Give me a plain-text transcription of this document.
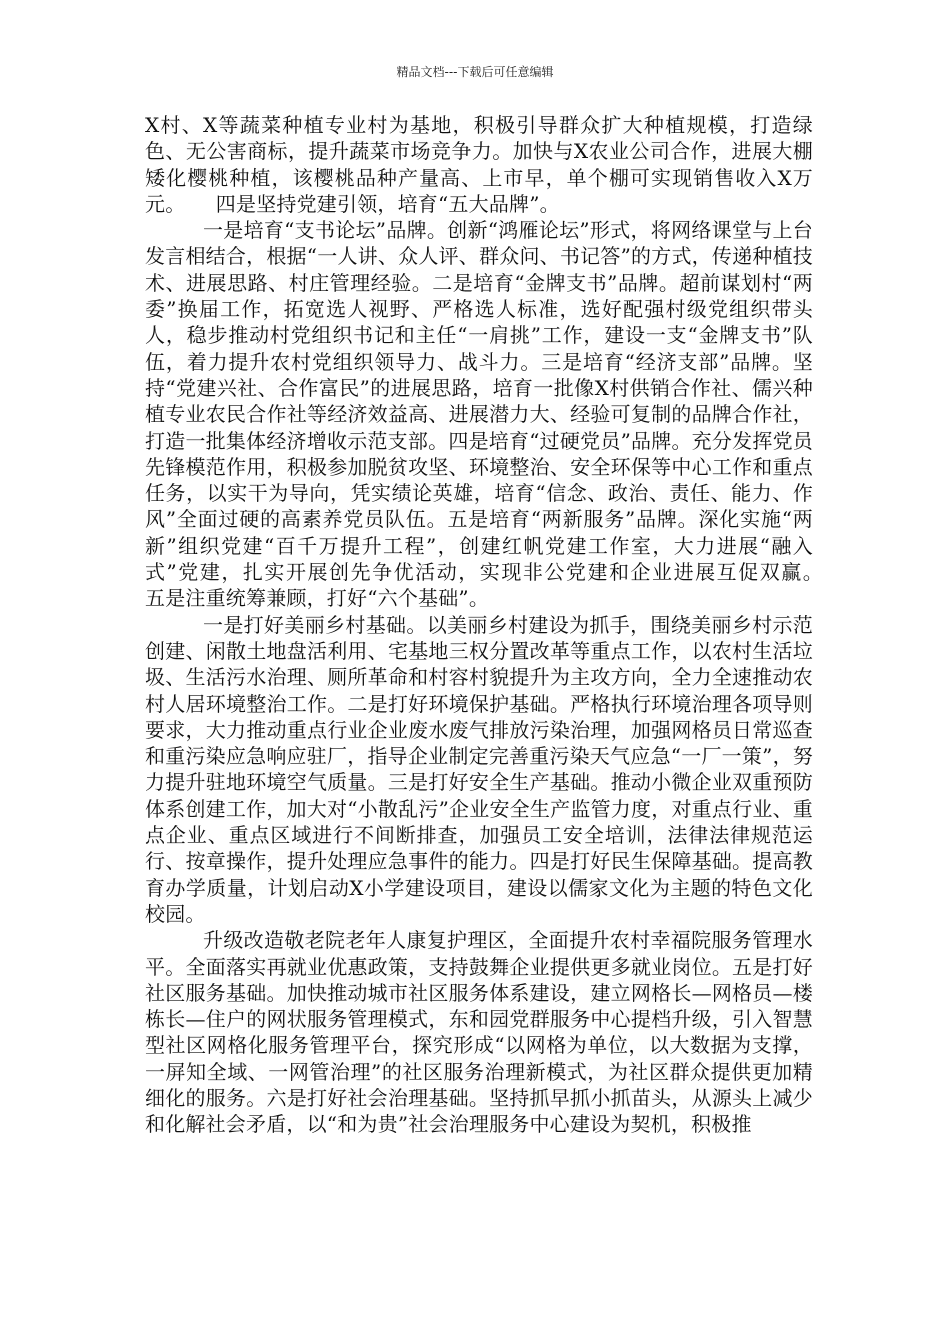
精品文档---下载后可任意编辑

X村、X等蔬菜种植专业村为基地，积极引导群众扩大种植规模，打造绿色、无公害商标，提升蔬菜市场竞争力。加快与X农业公司合作，进展大棚矮化樱桃种植，该樱桃品种产量高、上市早，单个棚可实现销售收入X万元。　　四是坚持党建引领，培育“五大品牌”。

一是培育“支书论坛”品牌。创新“鸿雁论坛”形式，将网络课堂与上台发言相结合，根据“一人讲、众人评、群众问、书记答”的方式，传递种植技术、进展思路、村庄管理经验。二是培育“金牌支书”品牌。超前谋划村“两委”换届工作，拓宽选人视野、严格选人标准，选好配强村级党组织带头人，稳步推动村党组织书记和主任“一肩挑”工作，建设一支“金牌支书”队伍，着力提升农村党组织领导力、战斗力。三是培育“经济支部”品牌。坚持“党建兴社、合作富民”的进展思路，培育一批像X村供销合作社、儒兴种植专业农民合作社等经济效益高、进展潜力大、经验可复制的品牌合作社，打造一批集体经济增收示范支部。四是培育“过硬党员”品牌。充分发挥党员先锋模范作用，积极参加脱贫攻坚、环境整治、安全环保等中心工作和重点任务，以实干为导向，凭实绩论英雄，培育“信念、政治、责任、能力、作风”全面过硬的高素养党员队伍。五是培育“两新服务”品牌。深化实施“两新”组织党建“百千万提升工程”，创建红帆党建工作室，大力进展“融入式”党建，扎实开展创先争优活动，实现非公党建和企业进展互促双赢。　　五是注重统筹兼顾，打好“六个基础”。

一是打好美丽乡村基础。以美丽乡村建设为抓手，围绕美丽乡村示范创建、闲散土地盘活利用、宅基地三权分置改革等重点工作，以农村生活垃圾、生活污水治理、厕所革命和村容村貌提升为主攻方向，全力全速推动农村人居环境整治工作。二是打好环境保护基础。严格执行环境治理各项导则要求，大力推动重点行业企业废水废气排放污染治理，加强网格员日常巡查和重污染应急响应驻厂，指导企业制定完善重污染天气应急“一厂一策”，努力提升驻地环境空气质量。三是打好安全生产基础。推动小微企业双重预防体系创建工作，加大对“小散乱污”企业安全生产监管力度，对重点行业、重点企业、重点区域进行不间断排查，加强员工安全培训，法律法律规范运行、按章操作，提升处理应急事件的能力。四是打好民生保障基础。提高教育办学质量，计划启动X小学建设项目，建设以儒家文化为主题的特色文化校园。

升级改造敬老院老年人康复护理区，全面提升农村幸福院服务管理水平。全面落实再就业优惠政策，支持鼓舞企业提供更多就业岗位。五是打好社区服务基础。加快推动城市社区服务体系建设，建立网格长—网格员—楼栋长—住户的网状服务管理模式，东和园党群服务中心提档升级，引入智慧型社区网格化服务管理平台，探究形成“以网格为单位，以大数据为支撑，一屏知全域、一网管治理”的社区服务治理新模式，为社区群众提供更加精细化的服务。六是打好社会治理基础。坚持抓早抓小抓苗头，从源头上减少和化解社会矛盾，以“和为贵”社会治理服务中心建设为契机，积极推
